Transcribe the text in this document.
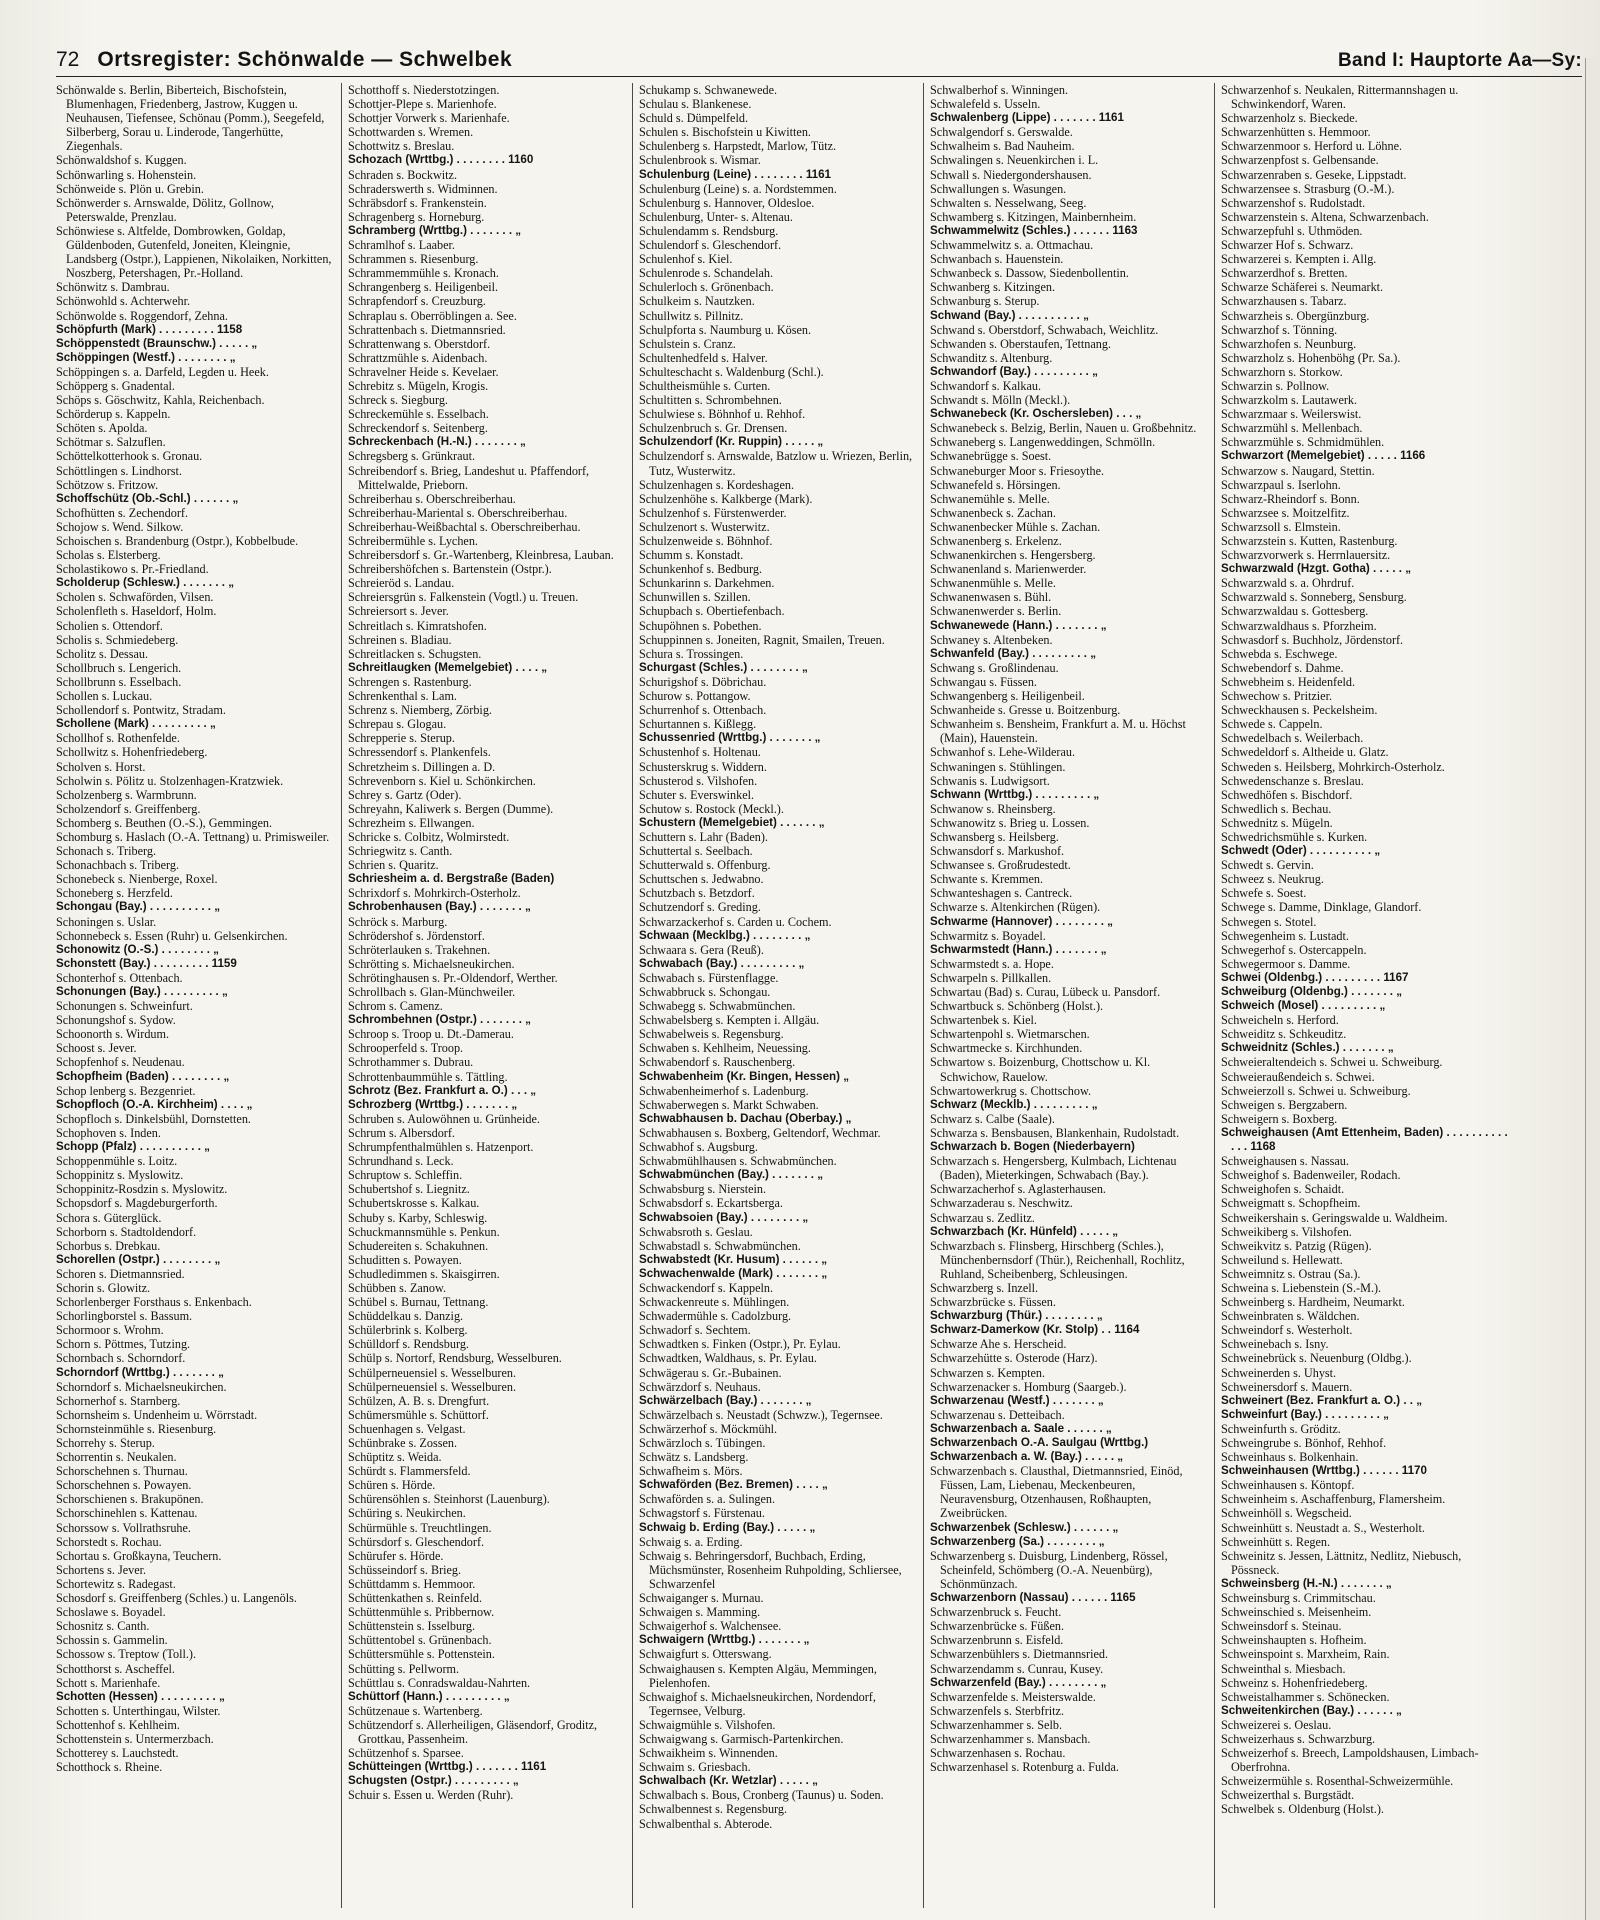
72 Ortsregister: Schönwalde — Schwelbek	Band I: Hauptorte Aa—Sy:
Schönwalde s. Berlin, Biberteich, Bischofstein, Blumenhagen, Friedenberg, Jastrow, Kuggen u. Neuhausen, Tiefensee, Schönau (Pomm.), Seegefeld, Silberberg, Sorau u. Linderode, Tangerhütte, Ziegenhals.
Schönwaldshof s. Kuggen.
Schönwarling s. Hohenstein.
Schönweide s. Plön u. Grebin.
Schönwerder s. Arnswalde, Dölitz, Gollnow, Peterswalde, Prenzlau.
Schönwiese s. Altfelde, Dombrowken, Goldap, Güldenboden, Gutenfeld, Joneiten, Kleingnie, Landsberg (Ostpr.), Lappienen, Nikolaiken, Norkitten, Noszberg, Petershagen, Pr.-Holland.
Schönwitz s. Dambrau.
Schönwohld s. Achterwehr.
Schönwolde s. Roggendorf, Zehna.
Schöpfurth (Mark) . . . . . . . . . 1158
Schöppenstedt (Braunschw.) . . . . . „
Schöppingen (Westf.) . . . . . . . . „
Schöppingen s. a. Darfeld, Legden u. Heek.
Schöpperg s. Gnadental.
Schöps s. Göschwitz, Kahla, Reichenbach.
Schörderup s. Kappeln.
Schöten s. Apolda.
Schötmar s. Salzuflen.
Schöttelkotterhook s. Gronau.
Schöttlingen s. Lindhorst.
Schötzow s. Fritzow.
Schoffschütz (Ob.-Schl.) . . . . . . „
Schofhütten s. Zechendorf.
Schojow s. Wend. Silkow.
Schoischen s. Brandenburg (Ostpr.), Kobbelbude.
Scholas s. Elsterberg.
Scholastikowo s. Pr.-Friedland.
Scholderup (Schlesw.) . . . . . . . „
Scholen s. Schwaförden, Vilsen.
Scholenfleth s. Haseldorf, Holm.
Scholien s. Ottendorf.
Scholis s. Schmiedeberg.
Scholitz s. Dessau.
Schollbruch s. Lengerich.
Schollbrunn s. Esselbach.
Schollen s. Luckau.
Schollendorf s. Pontwitz, Stradam.
Schollene (Mark) . . . . . . . . . „
Schollhof s. Rothenfelde.
Schollwitz s. Hohenfriedeberg.
Scholven s. Horst.
Scholwin s. Pölitz u. Stolzenhagen-Kratzwiek.
Scholzenberg s. Warmbrunn.
Scholzendorf s. Greiffenberg.
Schomberg s. Beuthen (O.-S.), Gemmingen.
Schomburg s. Haslach (O.-A. Tettnang) u. Primisweiler.
Schonach s. Triberg.
Schonachbach s. Triberg.
Schonebeck s. Nienberge, Roxel.
Schoneberg s. Herzfeld.
Schongau (Bay.) . . . . . . . . . . „
Schoningen s. Uslar.
Schonnebeck s. Essen (Ruhr) u. Gelsenkirchen.
Schonowitz (O.-S.) . . . . . . . . „
Schonstett (Bay.) . . . . . . . . . 1159
Schonterhof s. Ottenbach.
Schonungen (Bay.) . . . . . . . . . „
Schonungen s. Schweinfurt.
Schonungshof s. Sydow.
Schoonorth s. Wirdum.
Schoost s. Jever.
Schopfenhof s. Neudenau.
Schopfheim (Baden) . . . . . . . . „
Schop lenberg s. Bezgenriet.
Schopfloch (O.-A. Kirchheim) . . . . „
Schopfloch s. Dinkelsbühl, Dornstetten.
Schophoven s. Inden.
Schopp (Pfalz) . . . . . . . . . . „
Schoppenmühle s. Loitz.
Schoppinitz s. Myslowitz.
Schoppinitz-Rosdzin s. Myslowitz.
Schopsdorf s. Magdeburgerforth.
Schora s. Güterglück.
Schorborn s. Stadtoldendorf.
Schorbus s. Drebkau.
Schorellen (Ostpr.) . . . . . . . . „
Schoren s. Dietmannsried.
Schorin s. Glowitz.
Schorlenberger Forsthaus s. Enkenbach.
Schorlingborstel s. Bassum.
Schormoor s. Wrohm.
Schorn s. Pöttmes, Tutzing.
Schornbach s. Schorndorf.
Schorndorf (Wrttbg.) . . . . . . . „
Schorndorf s. Michaelsneukirchen.
Schornerhof s. Starnberg.
Schornsheim s. Undenheim u. Wörrstadt.
Schornsteinmühle s. Riesenburg.
Schorrehy s. Sterup.
Schorrentin s. Neukalen.
Schorschehnen s. Thurnau.
Schorschehnen s. Powayen.
Schorschienen s. Brakupönen.
Schorschinehlen s. Kattenau.
Schorssow s. Vollrathsruhe.
Schorstedt s. Rochau.
Schortau s. Großkayna, Teuchern.
Schortens s. Jever.
Schortewitz s. Radegast.
Schosdorf s. Greiffenberg (Schles.) u. Langenöls.
Schoslawe s. Boyadel.
Schosnitz s. Canth.
Schossin s. Gammelin.
Schossow s. Treptow (Toll.).
Schotthorst s. Ascheffel.
Schott s. Marienhafe.
Schotten (Hessen) . . . . . . . . . „
Schotten s. Unterthingau, Wilster.
Schottenhof s. Kehlheim.
Schottenstein s. Untermerzbach.
Schotterey s. Lauchstedt.
Schotthock s. Rheine.
Schotthoff s. Niederstotzingen.
Schottjer-Plepe s. Marienhofe.
Schottjer Vorwerk s. Marienhafe.
Schottwarden s. Wremen.
Schottwitz s. Breslau.
Schozach (Wrttbg.) . . . . . . . . 1160
Schraden s. Bockwitz.
Schraderswerth s. Widminnen.
Schräbsdorf s. Frankenstein.
Schragenberg s. Horneburg.
Schramberg (Wrttbg.) . . . . . . . „
Schramlhof s. Laaber.
Schrammen s. Riesenburg.
Schrammemmühle s. Kronach.
Schrangenberg s. Heiligenbeil.
Schrapfendorf s. Creuzburg.
Schraplau s. Oberröblingen a. See.
Schrattenbach s. Dietmannsried.
Schrattenwang s. Oberstdorf.
Schrattzmühle s. Aidenbach.
Schravelner Heide s. Kevelaer.
Schrebitz s. Mügeln, Krogis.
Schreck s. Siegburg.
Schreckemühle s. Esselbach.
Schreckendorf s. Seitenberg.
Schreckenbach (H.-N.) . . . . . . . „
Schregsberg s. Grünkraut.
Schreibendorf s. Brieg, Landeshut u. Pfaffendorf, Mittelwalde, Prieborn.
Schreiberhau s. Oberschreiberhau.
Schreiberhau-Mariental s. Oberschreiberhau.
Schreiberhau-Weißbachtal s. Oberschreiberhau.
Schreibermühle s. Lychen.
Schreibersdorf s. Gr.-Wartenberg, Kleinbresa, Lauban.
Schreibershöfchen s. Bartenstein (Ostpr.).
Schreieröd s. Landau.
Schreiersgrün s. Falkenstein (Vogtl.) u. Treuen.
Schreiersort s. Jever.
Schreitlach s. Kimratshofen.
Schreinen s. Bladiau.
Schreitlacken s. Schugsten.
Schreitlaugken (Memelgebiet) . . . . „
Schrengen s. Rastenburg.
Schrenkenthal s. Lam.
Schrenz s. Niemberg, Zörbig.
Schrepau s. Glogau.
Schrepperie s. Sterup.
Schressendorf s. Plankenfels.
Schretzheim s. Dillingen a. D.
Schrevenborn s. Kiel u. Schönkirchen.
Schrey s. Gartz (Oder).
Schreyahn, Kaliwerk s. Bergen (Dumme).
Schrezheim s. Ellwangen.
Schricke s. Colbitz, Wolmirstedt.
Schriegwitz s. Canth.
Schrien s. Quaritz.
Schriesheim a. d. Bergstraße (Baden)
Schrixdorf s. Mohrkirch-Osterholz.
Schrobenhausen (Bay.) . . . . . . . „
Schröck s. Marburg.
Schrödershof s. Jördenstorf.
Schröterlauken s. Trakehnen.
Schrötting s. Michaelsneukirchen.
Schrötinghausen s. Pr.-Oldendorf, Werther.
Schrollbach s. Glan-Münchweiler.
Schrom s. Camenz.
Schrombehnen (Ostpr.) . . . . . . . „
Schroop s. Troop u. Dt.-Damerau.
Schrooperfeld s. Troop.
Schrothammer s. Dubrau.
Schrottenbaummühle s. Tättling.
Schrotz (Bez. Frankfurt a. O.) . . . „
Schrozberg (Wrttbg.) . . . . . . . „
Schruben s. Aulowöhnen u. Grünheide.
Schrum s. Albersdorf.
Schrumpfenthalmühlen s. Hatzenport.
Schrundhand s. Leck.
Schruptow s. Schleffin.
Schubertshof s. Liegnitz.
Schubertskrosse s. Kalkau.
Schuby s. Karby, Schleswig.
Schuckmannsmühle s. Penkun.
Schudereiten s. Schakuhnen.
Schuditten s. Powayen.
Schudledimmen s. Skaisgirren.
Schübben s. Zanow.
Schübel s. Burnau, Tettnang.
Schüddelkau s. Danzig.
Schülerbrink s. Kolberg.
Schülldorf s. Rendsburg.
Schülp s. Nortorf, Rendsburg, Wesselburen.
Schülperneuensiel s. Wesselburen.
Schülperneuensiel s. Wesselburen.
Schülzen, A. B. s. Drengfurt.
Schümersmühle s. Schüttorf.
Schuenhagen s. Velgast.
Schünbrake s. Zossen.
Schüptitz s. Weida.
Schürdt s. Flammersfeld.
Schüren s. Hörde.
Schürensöhlen s. Steinhorst (Lauenburg).
Schüring s. Neukirchen.
Schürmühle s. Treuchtlingen.
Schürsdorf s. Gleschendorf.
Schürufer s. Hörde.
Schüsseindorf s. Brieg.
Schüttdamm s. Hemmoor.
Schüttenkathen s. Reinfeld.
Schüttenmühle s. Pribbernow.
Schüttenstein s. Isselburg.
Schüttentobel s. Grünenbach.
Schüttersmühle s. Pottenstein.
Schütting s. Pellworm.
Schüttlau s. Conradswaldau-Nahrten.
Schüttorf (Hann.) . . . . . . . . . „
Schützenaue s. Wartenberg.
Schützendorf s. Allerheiligen, Gläsendorf, Groditz, Grottkau, Passenheim.
Schützenhof s. Sparsee.
Schütteingen (Wrttbg.) . . . . . . . 1161
Schugsten (Ostpr.) . . . . . . . . . „
Schuir s. Essen u. Werden (Ruhr).
Schukamp s. Schwanewede.
Schulau s. Blankenese.
Schuld s. Dümpelfeld.
Schulen s. Bischofstein u Kiwitten.
Schulenberg s. Harpstedt, Marlow, Tütz.
Schulenbrook s. Wismar.
Schulenburg (Leine) . . . . . . . . 1161
Schulenburg (Leine) s. a. Nordstemmen.
Schulenburg s. Hannover, Oldesloe.
Schulenburg, Unter- s. Altenau.
Schulendamm s. Rendsburg.
Schulendorf s. Gleschendorf.
Schulenhof s. Kiel.
Schulenrode s. Schandelah.
Schulerloch s. Grönenbach.
Schulkeim s. Nautzken.
Schullwitz s. Pillnitz.
Schulpforta s. Naumburg u. Kösen.
Schulstein s. Cranz.
Schultenhedfeld s. Halver.
Schulteschacht s. Waldenburg (Schl.).
Schultheismühle s. Curten.
Schultitten s. Schrombehnen.
Schulwiese s. Böhnhof u. Rehhof.
Schulzenbruch s. Gr. Drensen.
Schulzendorf (Kr. Ruppin) . . . . . „
Schulzendorf s. Arnswalde, Batzlow u. Wriezen, Berlin, Tutz, Wusterwitz.
Schulzenhagen s. Kordeshagen.
Schulzenhöhe s. Kalkberge (Mark).
Schulzenhof s. Fürstenwerder.
Schulzenort s. Wusterwitz.
Schulzenweide s. Böhnhof.
Schumm s. Konstadt.
Schunkenhof s. Bedburg.
Schunkarinn s. Darkehmen.
Schunwillen s. Szillen.
Schupbach s. Obertiefenbach.
Schupöhnen s. Pobethen.
Schuppinnen s. Joneiten, Ragnit, Smailen, Treuen.
Schura s. Trossingen.
Schurgast (Schles.) . . . . . . . . „
Schurigshof s. Döbrichau.
Schurow s. Pottangow.
Schurrenhof s. Ottenbach.
Schurtannen s. Kißlegg.
Schussenried (Wrttbg.) . . . . . . . „
Schustenhof s. Holtenau.
Schusterskrug s. Widdern.
Schusterod s. Vilshofen.
Schuter s. Everswinkel.
Schutow s. Rostock (Meckl.).
Schustern (Memelgebiet) . . . . . . „
Schuttern s. Lahr (Baden).
Schuttertal s. Seelbach.
Schutterwald s. Offenburg.
Schuttschen s. Jedwabno.
Schutzbach s. Betzdorf.
Schutzendorf s. Greding.
Schwarzackerhof s. Carden u. Cochem.
Schwaan (Mecklbg.) . . . . . . . . „
Schwaara s. Gera (Reuß).
Schwabach (Bay.) . . . . . . . . . „
Schwabach s. Fürstenflagge.
Schwabbruck s. Schongau.
Schwabegg s. Schwabmünchen.
Schwabelsberg s. Kempten i. Allgäu.
Schwabelweis s. Regensburg.
Schwaben s. Kehlheim, Neuessing.
Schwabendorf s. Rauschenberg.
Schwabenheim (Kr. Bingen, Hessen) „
Schwabenheimerhof s. Ladenburg.
Schwaberwegen s. Markt Schwaben.
Schwabhausen b. Dachau (Oberbay.) „
Schwabhausen s. Boxberg, Geltendorf, Wechmar.
Schwabhof s. Augsburg.
Schwabmühlhausen s. Schwabmünchen.
Schwabmünchen (Bay.) . . . . . . . „
Schwabsburg s. Nierstein.
Schwabsdorf s. Eckartsberga.
Schwabsoien (Bay.) . . . . . . . . „
Schwabsroth s. Geslau.
Schwabstadl s. Schwabmünchen.
Schwabstedt (Kr. Husum) . . . . . . „
Schwachenwalde (Mark) . . . . . . . „
Schwackendorf s. Kappeln.
Schwackenreute s. Mühlingen.
Schwadermühle s. Cadolzburg.
Schwadorf s. Sechtem.
Schwadtken s. Finken (Ostpr.), Pr. Eylau.
Schwadtken, Waldhaus, s. Pr. Eylau.
Schwägerau s. Gr.-Bubainen.
Schwärzdorf s. Neuhaus.
Schwärzelbach (Bay.) . . . . . . . „
Schwärzelbach s. Neustadt (Schwzw.), Tegernsee.
Schwärzerhof s. Möckmühl.
Schwärzloch s. Tübingen.
Schwätz s. Landsberg.
Schwafheim s. Mörs.
Schwaförden (Bez. Bremen) . . . . „
Schwaförden s. a. Sulingen.
Schwagstorf s. Fürstenau.
Schwaig b. Erding (Bay.) . . . . . „
Schwaig s. a. Erding.
Schwaig s. Behringersdorf, Buchbach, Erding, Müchsmünster, Rosenheim Ruhpolding, Schliersee, Schwarzenfel
Schwaiganger s. Murnau.
Schwaigen s. Mamming.
Schwaigerhof s. Walchensee.
Schwaigern (Wrttbg.) . . . . . . . „
Schwaigfurt s. Otterswang.
Schwaighausen s. Kempten Algäu, Memmingen, Pielenhofen.
Schwaighof s. Michaelsneukirchen, Nordendorf, Tegernsee, Velburg.
Schwaigmühle s. Vilshofen.
Schwaigwang s. Garmisch-Partenkirchen.
Schwaikheim s. Winnenden.
Schwaim s. Griesbach.
Schwalbach (Kr. Wetzlar) . . . . . „
Schwalbach s. Bous, Cronberg (Taunus) u. Soden.
Schwalbennest s. Regensburg.
Schwalbenthal s. Abterode.
Schwalberhof s. Winningen.
Schwalefeld s. Usseln.
Schwalenberg (Lippe) . . . . . . . 1161
Schwalgendorf s. Gerswalde.
Schwalheim s. Bad Nauheim.
Schwalingen s. Neuenkirchen i. L.
Schwall s. Niedergondershausen.
Schwallungen s. Wasungen.
Schwalten s. Nesselwang, Seeg.
Schwamberg s. Kitzingen, Mainbernheim.
Schwammelwitz (Schles.) . . . . . . 1163
Schwammelwitz s. a. Ottmachau.
Schwanbach s. Hauenstein.
Schwanbeck s. Dassow, Siedenbollentin.
Schwanberg s. Kitzingen.
Schwanburg s. Sterup.
Schwand (Bay.) . . . . . . . . . . „
Schwand s. Oberstdorf, Schwabach, Weichlitz.
Schwanden s. Oberstaufen, Tettnang.
Schwanditz s. Altenburg.
Schwandorf (Bay.) . . . . . . . . . „
Schwandorf s. Kalkau.
Schwandt s. Mölln (Meckl.).
Schwanebeck (Kr. Oschersleben) . . . „
Schwanebeck s. Belzig, Berlin, Nauen u. Großbehnitz.
Schwaneberg s. Langenweddingen, Schmölln.
Schwanebrügge s. Soest.
Schwaneburger Moor s. Friesoythe.
Schwanefeld s. Hörsingen.
Schwanemühle s. Melle.
Schwanenbeck s. Zachan.
Schwanenbecker Mühle s. Zachan.
Schwanenberg s. Erkelenz.
Schwanenkirchen s. Hengersberg.
Schwanenland s. Marienwerder.
Schwanenmühle s. Melle.
Schwanenwasen s. Bühl.
Schwanenwerder s. Berlin.
Schwanewede (Hann.) . . . . . . . „
Schwaney s. Altenbeken.
Schwanfeld (Bay.) . . . . . . . . . „
Schwang s. Großlindenau.
Schwangau s. Füssen.
Schwangenberg s. Heiligenbeil.
Schwanheide s. Gresse u. Boitzenburg.
Schwanheim s. Bensheim, Frankfurt a. M. u. Höchst (Main), Hauenstein.
Schwanhof s. Lehe-Wilderau.
Schwaningen s. Stühlingen.
Schwanis s. Ludwigsort.
Schwann (Wrttbg.) . . . . . . . . . „
Schwanow s. Rheinsberg.
Schwanowitz s. Brieg u. Lossen.
Schwansberg s. Heilsberg.
Schwansdorf s. Markushof.
Schwansee s. Großrudestedt.
Schwante s. Kremmen.
Schwanteshagen s. Cantreck.
Schwarze s. Altenkirchen (Rügen).
Schwarme (Hannover) . . . . . . . . „
Schwarmitz s. Boyadel.
Schwarmstedt (Hann.) . . . . . . . „
Schwarmstedt s. a. Hope.
Schwarpeln s. Pillkallen.
Schwartau (Bad) s. Curau, Lübeck u. Pansdorf.
Schwartbuck s. Schönberg (Holst.).
Schwartenbek s. Kiel.
Schwartenpohl s. Wietmarschen.
Schwartmecke s. Kirchhunden.
Schwartow s. Boizenburg, Chottschow u. Kl. Schwichow, Rauelow.
Schwartowerkrug s. Chottschow.
Schwarz (Mecklb.) . . . . . . . . . „
Schwarz s. Calbe (Saale).
Schwarza s. Bensbausen, Blankenhain, Rudolstadt.
Schwarzach b. Bogen (Niederbayern)
Schwarzach s. Hengersberg, Kulmbach, Lichtenau (Baden), Mieterkingen, Schwabach (Bay.).
Schwarzacherhof s. Aglasterhausen.
Schwarzaderau s. Neschwitz.
Schwarzau s. Zedlitz.
Schwarzbach (Kr. Hünfeld) . . . . . „
Schwarzbach s. Flinsberg, Hirschberg (Schles.), Münchenbernsdorf (Thür.), Reichenhall, Rochlitz, Ruhland, Scheibenberg, Schleusingen.
Schwarzberg s. Inzell.
Schwarzbrücke s. Füssen.
Schwarzburg (Thür.) . . . . . . . . „
Schwarz-Damerkow (Kr. Stolp) . . 1164
Schwarze Ahe s. Herscheid.
Schwarzehütte s. Osterode (Harz).
Schwarzen s. Kempten.
Schwarzenacker s. Homburg (Saargeb.).
Schwarzenau (Westf.) . . . . . . . „
Schwarzenau s. Detteibach.
Schwarzenbach a. Saale . . . . . . „
Schwarzenbach O.-A. Saulgau (Wrttbg.)
Schwarzenbach a. W. (Bay.) . . . . . „
Schwarzenbach s. Clausthal, Dietmannsried, Einöd, Füssen, Lam, Liebenau, Meckenbeuren, Neuravensburg, Otzenhausen, Roßhaupten, Zweibrücken.
Schwarzenbek (Schlesw.) . . . . . . „
Schwarzenberg (Sa.) . . . . . . . . „
Schwarzenberg s. Duisburg, Lindenberg, Rössel, Scheinfeld, Schömberg (O.-A. Neuenbürg), Schönmünzach.
Schwarzenborn (Nassau) . . . . . . 1165
Schwarzenbruck s. Feucht.
Schwarzenbrücke s. Füßen.
Schwarzenbrunn s. Eisfeld.
Schwarzenbühlers s. Dietmannsried.
Schwarzendamm s. Cunrau, Kusey.
Schwarzenfeld (Bay.) . . . . . . . . „
Schwarzenfelde s. Meisterswalde.
Schwarzenfels s. Sterbfritz.
Schwarzenhammer s. Selb.
Schwarzenhammer s. Mansbach.
Schwarzenhasen s. Rochau.
Schwarzenhasel s. Rotenburg a. Fulda.
Schwarzenhof s. Neukalen, Rittermannshagen u. Schwinkendorf, Waren.
Schwarzenholz s. Bieckede.
Schwarzenhütten s. Hemmoor.
Schwarzenmoor s. Herford u. Löhne.
Schwarzenpfost s. Gelbensande.
Schwarzenraben s. Geseke, Lippstadt.
Schwarzensee s. Strasburg (O.-M.).
Schwarzenshof s. Rudolstadt.
Schwarzenstein s. Altena, Schwarzenbach.
Schwarzepfuhl s. Uthmöden.
Schwarzer Hof s. Schwarz.
Schwarzerei s. Kempten i. Allg.
Schwarzerdhof s. Bretten.
Schwarze Schäferei s. Neumarkt.
Schwarzhausen s. Tabarz.
Schwarzheis s. Obergünzburg.
Schwarzhof s. Tönning.
Schwarzhofen s. Neunburg.
Schwarzholz s. Hohenböhg (Pr. Sa.).
Schwarzhorn s. Storkow.
Schwarzin s. Pollnow.
Schwarzkolm s. Lautawerk.
Schwarzmaar s. Weilerswist.
Schwarzmühl s. Mellenbach.
Schwarzmühle s. Schmidmühlen.
Schwarzort (Memelgebiet) . . . . . 1166
Schwarzow s. Naugard, Stettin.
Schwarzpaul s. Iserlohn.
Schwarz-Rheindorf s. Bonn.
Schwarzsee s. Moitzelfitz.
Schwarzsoll s. Elmstein.
Schwarzstein s. Kutten, Rastenburg.
Schwarzvorwerk s. Herrnlauersitz.
Schwarzwald (Hzgt. Gotha) . . . . . „
Schwarzwald s. a. Ohrdruf.
Schwarzwald s. Sonneberg, Sensburg.
Schwarzwaldau s. Gottesberg.
Schwarzwaldhaus s. Pforzheim.
Schwasdorf s. Buchholz, Jördenstorf.
Schwebda s. Eschwege.
Schwebendorf s. Dahme.
Schwebheim s. Heidenfeld.
Schwechow s. Pritzier.
Schweckhausen s. Peckelsheim.
Schwede s. Cappeln.
Schwedelbach s. Weilerbach.
Schwedeldorf s. Altheide u. Glatz.
Schweden s. Heilsberg, Mohrkirch-Osterholz.
Schwedenschanze s. Breslau.
Schwedhöfen s. Bischdorf.
Schwedlich s. Bechau.
Schwednitz s. Mügeln.
Schwedrichsmühle s. Kurken.
Schwedt (Oder) . . . . . . . . . . „
Schwedt s. Gervin.
Schweez s. Neukrug.
Schwefe s. Soest.
Schwege s. Damme, Dinklage, Glandorf.
Schwegen s. Stotel.
Schwegenheim s. Lustadt.
Schwegerhof s. Ostercappeln.
Schwegermoor s. Damme.
Schwei (Oldenbg.) . . . . . . . . . 1167
Schweiburg (Oldenbg.) . . . . . . . „
Schweich (Mosel) . . . . . . . . . „
Schweicheln s. Herford.
Schweiditz s. Schkeuditz.
Schweidnitz (Schles.) . . . . . . . „
Schweieraltendeich s. Schwei u. Schweiburg.
Schweieraußendeich s. Schwei.
Schweierzoll s. Schwei u. Schweiburg.
Schweigen s. Bergzabern.
Schweigern s. Boxberg.
Schweighausen (Amt Ettenheim, Baden) . . . . . . . . . . . . . 1168
Schweighausen s. Nassau.
Schweighof s. Badenweiler, Rodach.
Schweighofen s. Schaidt.
Schweigmatt s. Schopfheim.
Schweikershain s. Geringswalde u. Waldheim.
Schweikiberg s. Vilshofen.
Schweikvitz s. Patzig (Rügen).
Schweilund s. Hellewatt.
Schweimnitz s. Ostrau (Sa.).
Schweina s. Liebenstein (S.-M.).
Schweinberg s. Hardheim, Neumarkt.
Schweinbraten s. Wäldchen.
Schweindorf s. Westerholt.
Schweinebach s. Isny.
Schweinebrück s. Neuenburg (Oldbg.).
Schweinerden s. Uhyst.
Schweinersdorf s. Mauern.
Schweinert (Bez. Frankfurt a. O.) . . „
Schweinfurt (Bay.) . . . . . . . . . „
Schweinfurth s. Gröditz.
Schweingrube s. Bönhof, Rehhof.
Schweinhaus s. Bolkenhain.
Schweinhausen (Wrttbg.) . . . . . . 1170
Schweinhausen s. Köntopf.
Schweinheim s. Aschaffenburg, Flamersheim.
Schweinhöll s. Wegscheid.
Schweinhütt s. Neustadt a. S., Westerholt.
Schweinhütt s. Regen.
Schweinitz s. Jessen, Lättnitz, Nedlitz, Niebusch, Pössneck.
Schweinsberg (H.-N.) . . . . . . . „
Schweinsburg s. Crimmitschau.
Schweinschied s. Meisenheim.
Schweinsdorf s. Steinau.
Schweinshaupten s. Hofheim.
Schweinspoint s. Marxheim, Rain.
Schweinthal s. Miesbach.
Schweinz s. Hohenfriedeberg.
Schweistalhammer s. Schönecken.
Schweitenkirchen (Bay.) . . . . . . „
Schweizerei s. Oeslau.
Schweizerhaus s. Schwarzburg.
Schweizerhof s. Breech, Lampoldshausen, Limbach-Oberfrohna.
Schweizermühle s. Rosenthal-Schweizermühle.
Schweizerthal s. Burgstädt.
Schwelbek s. Oldenburg (Holst.).
